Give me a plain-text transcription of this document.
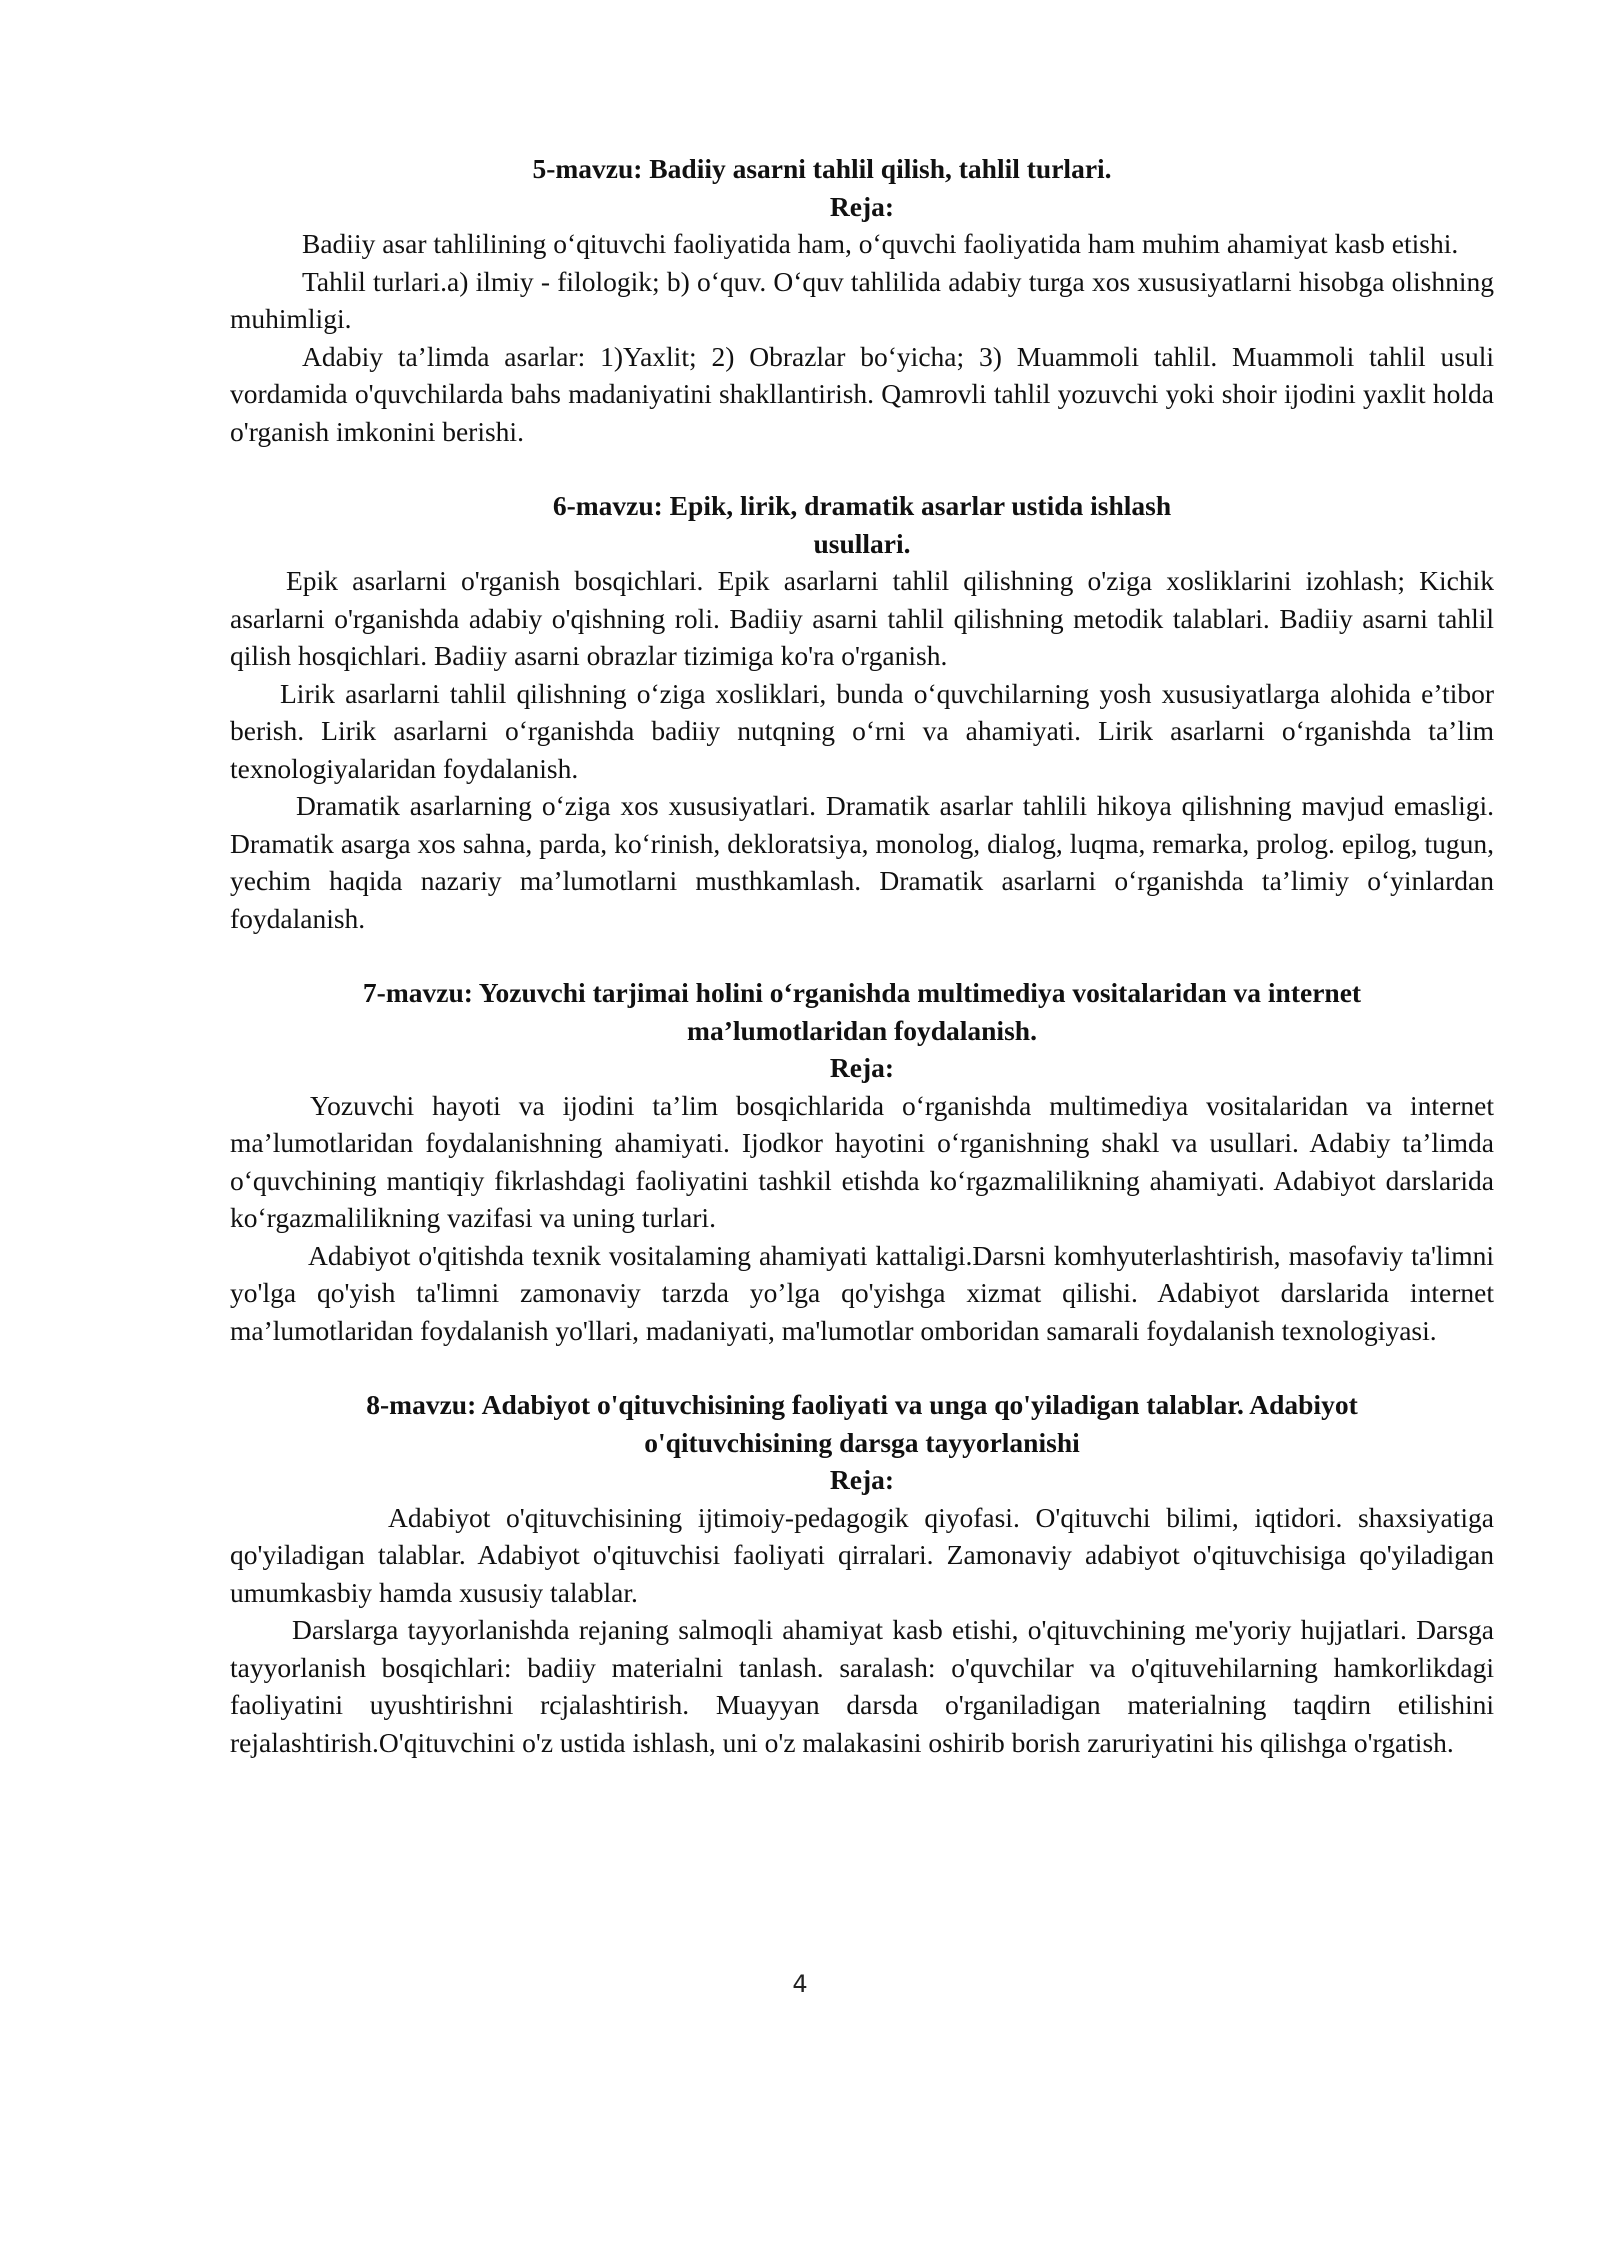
5-mavzu: Badiiy asarni tahlil qilish, tahlil turlari.

Reja:

Badiiy asar tahlilining o‘qituvchi faoliyatida ham, o‘quvchi faoliyatida ham muhim ahamiyat kasb etishi.

Tahlil turlari.a) ilmiy - filologik; b) o‘quv. O‘quv tahlilida adabiy turga xos xususiyatlarni hisobga olishning muhimligi.

Adabiy ta’limda asarlar: 1)Yaxlit; 2) Obrazlar bo‘yicha; 3) Muammoli tahlil. Muammoli tahlil usuli vordamida o'quvchilarda bahs madaniyatini shakllantirish. Qamrovli tahlil yozuvchi yoki shoir ijodini yaxlit holda o'rganish imkonini berishi.

6-mavzu: Epik, lirik, dramatik asarlar ustida ishlash
usullari.

Epik asarlarni o'rganish bosqichlari. Epik asarlarni tahlil qilishning o'ziga xosliklarini izohlash; Kichik asarlarni o'rganishda adabiy o'qishning roli. Badiiy asarni tahlil qilishning metodik talablari. Badiiy asarni tahlil qilish hosqichlari. Badiiy asarni obrazlar tizimiga ko'ra o'rganish.

Lirik asarlarni tahlil qilishning o‘ziga xosliklari, bunda o‘quvchilarning yosh xususiyatlarga alohida e’tibor berish. Lirik asarlarni o‘rganishda badiiy nutqning o‘rni va ahamiyati. Lirik asarlarni o‘rganishda ta’lim texnologiyalaridan foydalanish.

Dramatik asarlarning o‘ziga xos xususiyatlari. Dramatik asarlar tahlili hikoya qilishning mavjud emasligi. Dramatik asarga xos sahna, parda, ko‘rinish, dekloratsiya, monolog, dialog, luqma, remarka, prolog. epilog, tugun, yechim haqida nazariy ma’lumotlarni musthkamlash. Dramatik asarlarni o‘rganishda ta’limiy o‘yinlardan foydalanish.

7-mavzu: Yozuvchi tarjimai holini o‘rganishda multimediya vositalaridan va internet
ma’lumotlaridan foydalanish.

Reja:

Yozuvchi hayoti va ijodini ta’lim bosqichlarida o‘rganishda multimediya vositalaridan va internet ma’lumotlaridan foydalanishning ahamiyati. Ijodkor hayotini o‘rganishning shakl va usullari. Adabiy ta’limda o‘quvchining mantiqiy fikrlashdagi faoliyatini tashkil etishda ko‘rgazmalilikning ahamiyati. Adabiyot darslarida ko‘rgazmalilikning vazifasi va uning turlari.

Adabiyot o'qitishda texnik vositalaming ahamiyati kattaligi.Darsni komhyuterlashtirish, masofaviy ta'limni yo'lga qo'yish ta'limni zamonaviy tarzda yo’lga qo'yishga xizmat qilishi. Adabiyot darslarida internet ma’lumotlaridan foydalanish yo'llari, madaniyati, ma'lumotlar omboridan samarali foydalanish texnologiyasi.

8-mavzu: Adabiyot o'qituvchisining faoliyati va unga qo'yiladigan talablar. Adabiyot
o'qituvchisining darsga tayyorlanishi

Reja:

Adabiyot o'qituvchisining ijtimoiy-pedagogik qiyofasi. O'qituvchi bilimi, iqtidori. shaxsiyatiga qo'yiladigan talablar. Adabiyot o'qituvchisi faoliyati qirralari. Zamonaviy adabiyot o'qituvchisiga qo'yiladigan umumkasbiy hamda xususiy talablar.

Darslarga tayyorlanishda rejaning salmoqli ahamiyat kasb etishi, o'qituvchining me'yoriy hujjatlari. Darsga tayyorlanish bosqichlari: badiiy materialni tanlash. saralash: o'quvchilar va o'qituvehilarning hamkorlikdagi faoliyatini uyushtirishni rcjalashtirish. Muayyan darsda o'rganiladigan materialning taqdirn etilishini rejalashtirish.O'qituvchini o'z ustida ishlash, uni o'z malakasini oshirib borish zaruriyatini his qilishga o'rgatish.

4
